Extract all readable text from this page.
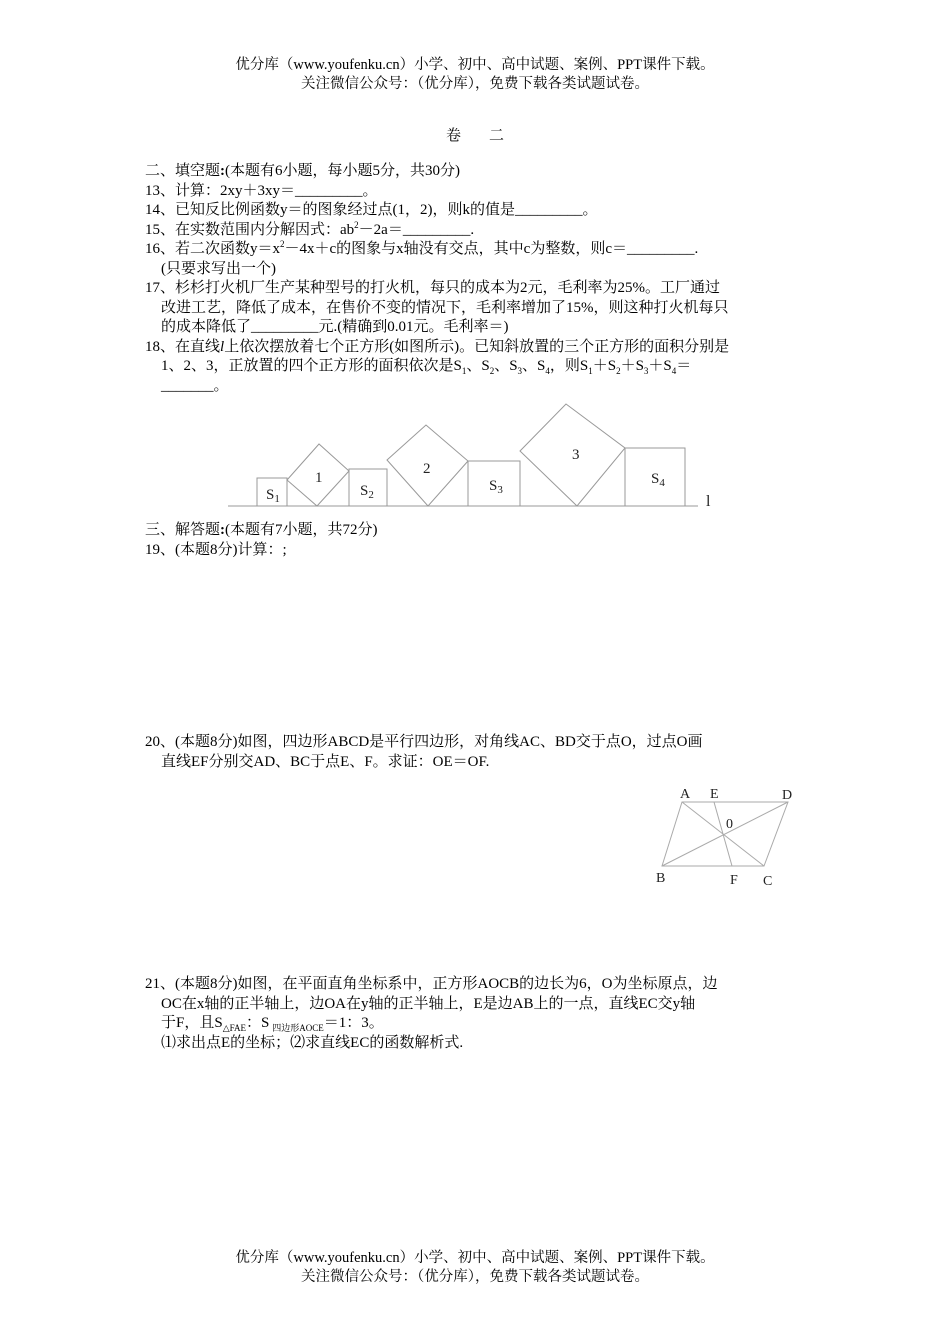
优分库（www.youfenku.cn）小学、初中、高中试题、案例、PPT课件下载。
关注微信公众号：（优分库），免费下载各类试题试卷。
卷二
二、填空题:(本题有6小题，每小题5分，共30分)
13、计算：2xy＋3xy＝_________。
14、已知反比例函数y＝的图象经过点(1，2)，则k的值是_________。
15、在实数范围内分解因式：$ab^2-2a=\_\_\_\_\_\_\_\_\_$.
16、若二次函数$y=x^2-4x+c$的图象与x轴没有交点，其中c为整数，则c＝_________.
(只要求写出一个)
17、杉杉打火机厂生产某种型号的打火机，每只的成本为2元，毛利率为25%。工厂通过
改进工艺，降低了成本，在售价不变的情况下，毛利率增加了15%，则这种打火机每只
的成本降低了_________元.(精确到0.01元。毛利率＝)
18、在直线l上依次摆放着七个正方形(如图所示)。已知斜放置的三个正方形的面积分别是
1、2、3，正放置的四个正方形的面积依次是$S_1$、$S_2$、$S_3$、$S_4$，则$S_1+S_2+S_3+S_4=$
_______。
$S_1$
1
$S_2$
2
$S_3$
3
$S_4$
l
三、解答题:(本题有7小题，共72分)
19、(本题8分)计算：;
20、(本题8分)如图，四边形ABCD是平行四边形，对角线AC、BD交于点O，过点O画
直线EF分别交AD、BC于点E、F。求证：OE＝OF.
A E	D
0
B	F C
21、(本题8分)如图，在平面直角坐标系中，正方形AOCB的边长为6，O为坐标原点，边
OC在x轴的正半轴上，边OA在y轴的正半轴上，E是边AB上的一点，直线EC交y轴
于F，且$S_{\triangle FAE}$：S $_{四边形AOCE}$＝1：3。
⑴求出点E的坐标；⑵求直线EC的函数解析式.
优分库（www.youfenku.cn）小学、初中、高中试题、案例、PPT课件下载。
关注微信公众号：（优分库），免费下载各类试题试卷。
